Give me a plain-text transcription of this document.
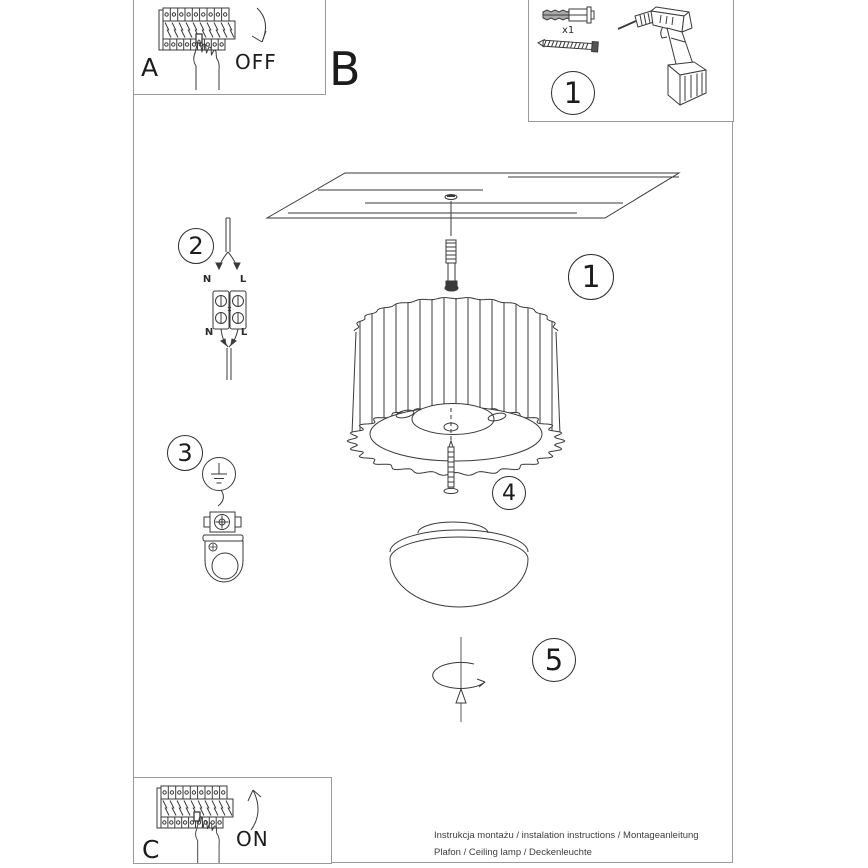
OFF
A	B
x1
ON
C
1
1
2
3
4
5
N	L
N	L
Instrukcja montażu / instalation instructions / Montageanleitung
Plafon / Ceiling lamp / Deckenleuchte
